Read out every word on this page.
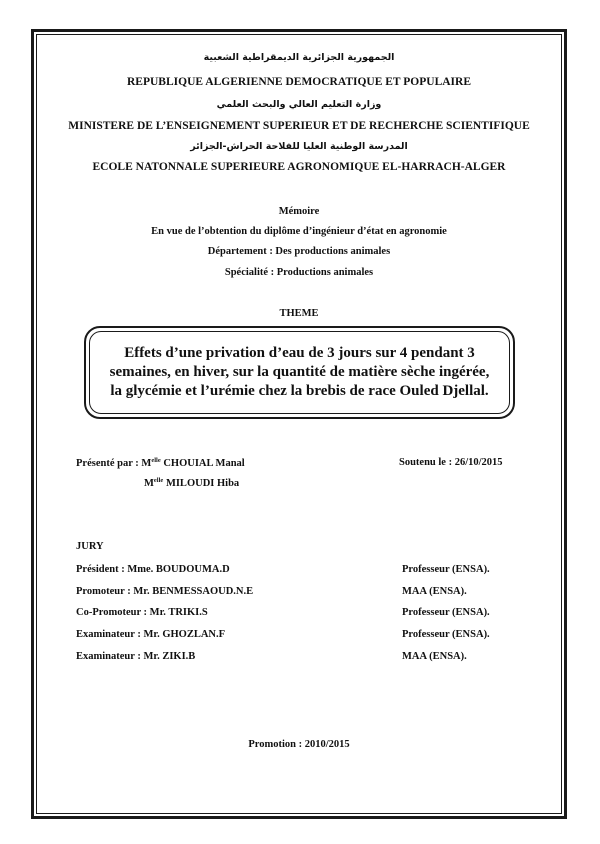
الجمهورية الجزائرية الديمقراطية الشعبية
REPUBLIQUE ALGERIENNE DEMOCRATIQUE ET POPULAIRE
وزارة التعليم العالي والبحث العلمي
MINISTERE DE L’ENSEIGNEMENT SUPERIEUR ET DE RECHERCHE SCIENTIFIQUE
المدرسة الوطنية العليا للفلاحة الحراش-الجزائر
ECOLE NATONNALE SUPERIEURE AGRONOMIQUE EL-HARRACH-ALGER
Mémoire
En vue de l’obtention du diplôme d’ingénieur d’état en agronomie
Département : Des productions animales
Spécialité : Productions animales
THEME
Effets d’une privation d’eau de 3 jours sur 4 pendant 3
semaines, en hiver, sur la quantité de matière sèche ingérée,
la glycémie et l’urémie chez la brebis de race Ouled Djellal.
Présenté par : $M^{elle}$ CHOUIAL Manal
$M^{elle}$ MILOUDI Hiba
Soutenu le : 26/10/2015
JURY
Président : Mme. BOUDOUMA.D	Professeur (ENSA).
Promoteur : Mr. BENMESSAOUD.N.E	MAA (ENSA).
Co-Promoteur : Mr. TRIKI.S	Professeur (ENSA).
Examinateur : Mr. GHOZLAN.F	Professeur (ENSA).
Examinateur : Mr. ZIKI.B	MAA (ENSA).
Promotion : 2010/2015
